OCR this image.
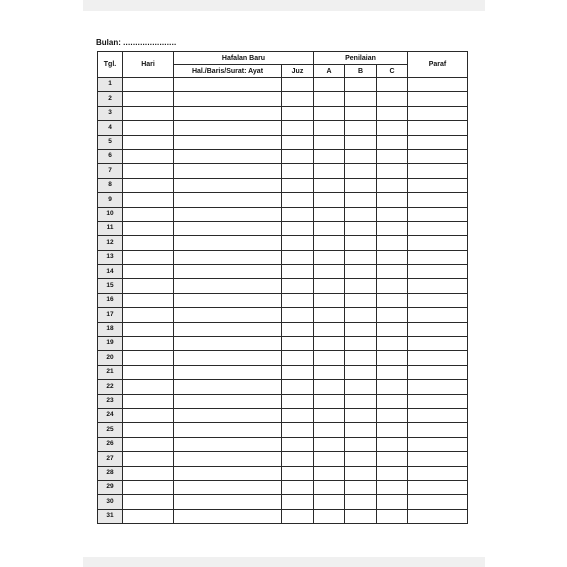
Bulan: ......................
Tgl.	Hari	Hafalan Baru		Penilaian			Paraf
		Hal./Baris/Surat: Ayat	Juz	A	B	C	
1							
2							
3							
4							
5							
6							
7							
8							
9							
10							
11							
12							
13							
14							
15							
16							
17							
18							
19							
20							
21							
22							
23							
24							
25							
26							
27							
28							
29							
30							
31							
